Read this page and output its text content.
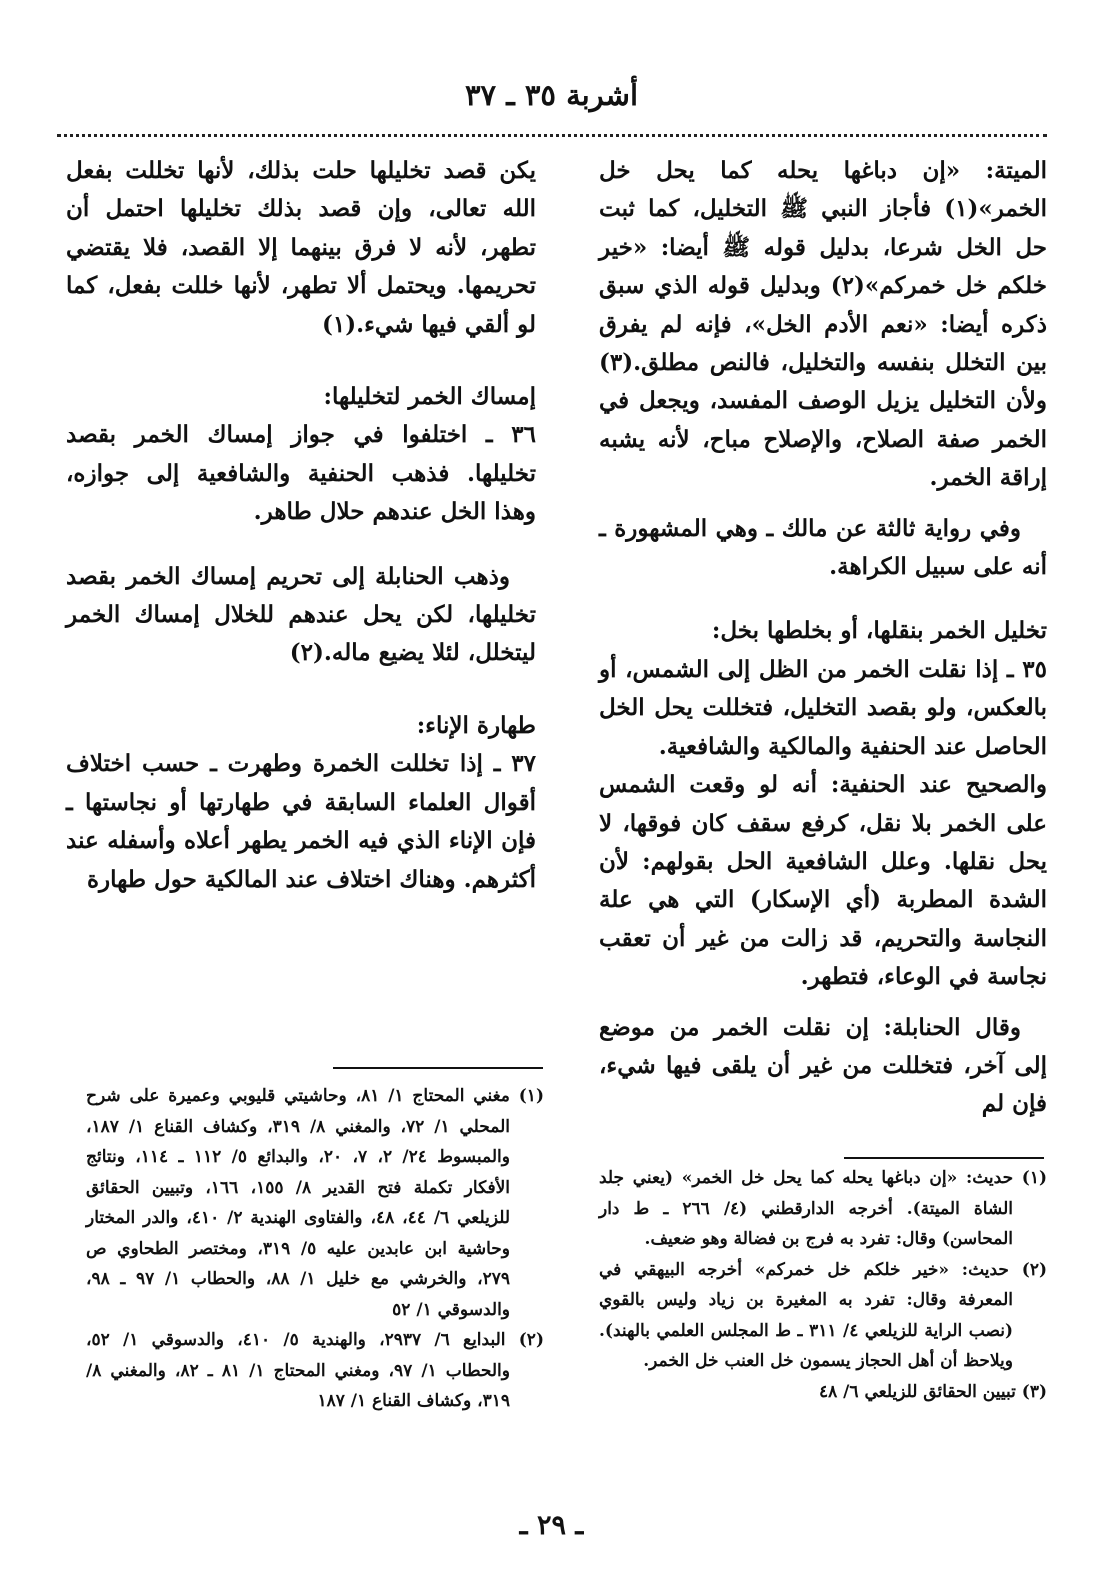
أشربة ٣٥ ـ ٣٧

الميتة: «إن دباغها يحله كما يحل خل الخمر»(١) فأجاز النبي ﷺ التخليل، كما ثبت حل الخل شرعا، بدليل قوله ﷺ أيضا: «خير خلكم خل خمركم»(٢) وبدليل قوله الذي سبق ذكره أيضا: «نعم الأدم الخل»، فإنه لم يفرق بين التخلل بنفسه والتخليل، فالنص مطلق.(٣) ولأن التخليل يزيل الوصف المفسد، ويجعل في الخمر صفة الصلاح، والإصلاح مباح، لأنه يشبه إراقة الخمر.

وفي رواية ثالثة عن مالك ـ وهي المشهورة ـ أنه على سبيل الكراهة.

تخليل الخمر بنقلها، أو بخلطها بخل:

٣٥ ـ إذا نقلت الخمر من الظل إلى الشمس، أو بالعكس، ولو بقصد التخليل، فتخللت يحل الخل الحاصل عند الحنفية والمالكية والشافعية.

والصحيح عند الحنفية: أنه لو وقعت الشمس على الخمر بلا نقل، كرفع سقف كان فوقها، لا يحل نقلها. وعلل الشافعية الحل بقولهم: لأن الشدة المطربة (أي الإسكار) التي هي علة النجاسة والتحريم، قد زالت من غير أن تعقب نجاسة في الوعاء، فتطهر.

وقال الحنابلة: إن نقلت الخمر من موضع إلى آخر، فتخللت من غير أن يلقى فيها شيء، فإن لم

يكن قصد تخليلها حلت بذلك، لأنها تخللت بفعل الله تعالى، وإن قصد بذلك تخليلها احتمل أن تطهر، لأنه لا فرق بينهما إلا القصد، فلا يقتضي تحريمها. ويحتمل ألا تطهر، لأنها خللت بفعل، كما لو ألقي فيها شيء.(١)

إمساك الخمر لتخليلها:

٣٦ ـ اختلفوا في جواز إمساك الخمر بقصد تخليلها. فذهب الحنفية والشافعية إلى جوازه، وهذا الخل عندهم حلال طاهر.

وذهب الحنابلة إلى تحريم إمساك الخمر بقصد تخليلها، لكن يحل عندهم للخلال إمساك الخمر ليتخلل، لئلا يضيع ماله.(٢)

طهارة الإناء:

٣٧ ـ إذا تخللت الخمرة وطهرت ـ حسب اختلاف أقوال العلماء السابقة في طهارتها أو نجاستها ـ فإن الإناء الذي فيه الخمر يطهر أعلاه وأسفله عند أكثرهم. وهناك اختلاف عند المالكية حول طهارة

(١) مغني المحتاج ١/ ٨١، وحاشيتي قليوبي وعميرة على شرح المحلي ١/ ٧٢، والمغني ٨/ ٣١٩، وكشاف القناع ١/ ١٨٧، والمبسوط ٢٤/ ٢، ٧، ٢٠، والبدائع ٥/ ١١٢ ـ ١١٤، ونتائج الأفكار تكملة فتح القدير ٨/ ١٥٥، ١٦٦، وتبيين الحقائق للزيلعي ٦/ ٤٤، ٤٨، والفتاوى الهندية ٢/ ٤١٠، والدر المختار وحاشية ابن عابدين عليه ٥/ ٣١٩، ومختصر الطحاوي ص ٢٧٩، والخرشي مع خليل ١/ ٨٨، والحطاب ١/ ٩٧ ـ ٩٨، والدسوقي ١/ ٥٢

(٢) البدايع ٦/ ٢٩٣٧، والهندية ٥/ ٤١٠، والدسوقي ١/ ٥٢، والحطاب ١/ ٩٧، ومغني المحتاج ١/ ٨١ ـ ٨٢، والمغني ٨/ ٣١٩، وكشاف القناع ١/ ١٨٧

(١) حديث: «إن دباغها يحله كما يحل خل الخمر» (يعني جلد الشاة الميتة). أخرجه الدارقطني (٤/ ٢٦٦ ـ ط دار المحاسن) وقال: تفرد به فرج بن فضالة وهو ضعيف.

(٢) حديث: «خير خلكم خل خمركم» أخرجه البيهقي في المعرفة وقال: تفرد به المغيرة بن زياد وليس بالقوي (نصب الراية للزيلعي ٤/ ٣١١ ـ ط المجلس العلمي بالهند). ويلاحظ أن أهل الحجاز يسمون خل العنب خل الخمر.

(٣) تبيين الحقائق للزيلعي ٦/ ٤٨

ـ ٢٩ ـ
